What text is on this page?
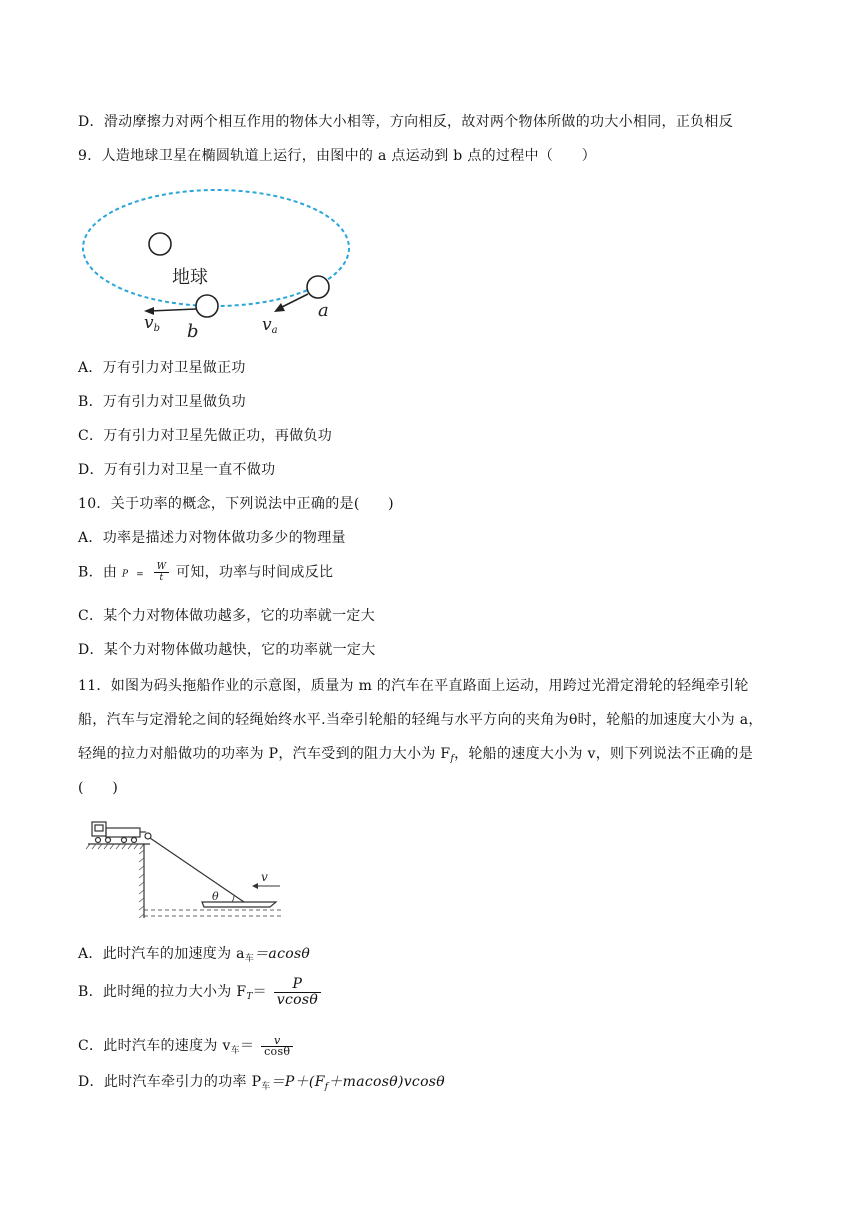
D．滑动摩擦力对两个相互作用的物体大小相等，方向相反，故对两个物体所做的功大小相同，正负相反
9．人造地球卫星在椭圆轨道上运行，由图中的 a 点运动到 b 点的过程中（　　）
地球
vb b	va
a
A．万有引力对卫星做正功
B．万有引力对卫星做负功
C．万有引力对卫星先做正功，再做负功
D．万有引力对卫星一直不做功
10．关于功率的概念，下列说法中正确的是(　　)
A．功率是描述力对物体做功多少的物理量
B．由 $P = \frac{W}{t}$ 可知，功率与时间成反比
C．某个力对物体做功越多，它的功率就一定大
D．某个力对物体做功越快，它的功率就一定大
11．如图为码头拖船作业的示意图，质量为 m 的汽车在平直路面上运动，用跨过光滑定滑轮的轻绳牵引轮
船，汽车与定滑轮之间的轻绳始终水平.当牵引轮船的轻绳与水平方向的夹角为θ时，轮船的加速度大小为 a，
轻绳的拉力对船做功的功率为 P，汽车受到的阻力大小为 $F_f$，轮船的速度大小为 v，则下列说法不正确的是
(　　)
θ
v
A．此时汽车的加速度为 $a_车=acos\theta$
B．此时绳的拉力大小为 $F_T= \frac{P}{vcos\theta}$
C．此时汽车的速度为 $v_车= \frac{v}{\cos\theta}$
D．此时汽车牵引力的功率 $P_车=P+(F_f+macos\theta)vcos\theta$
